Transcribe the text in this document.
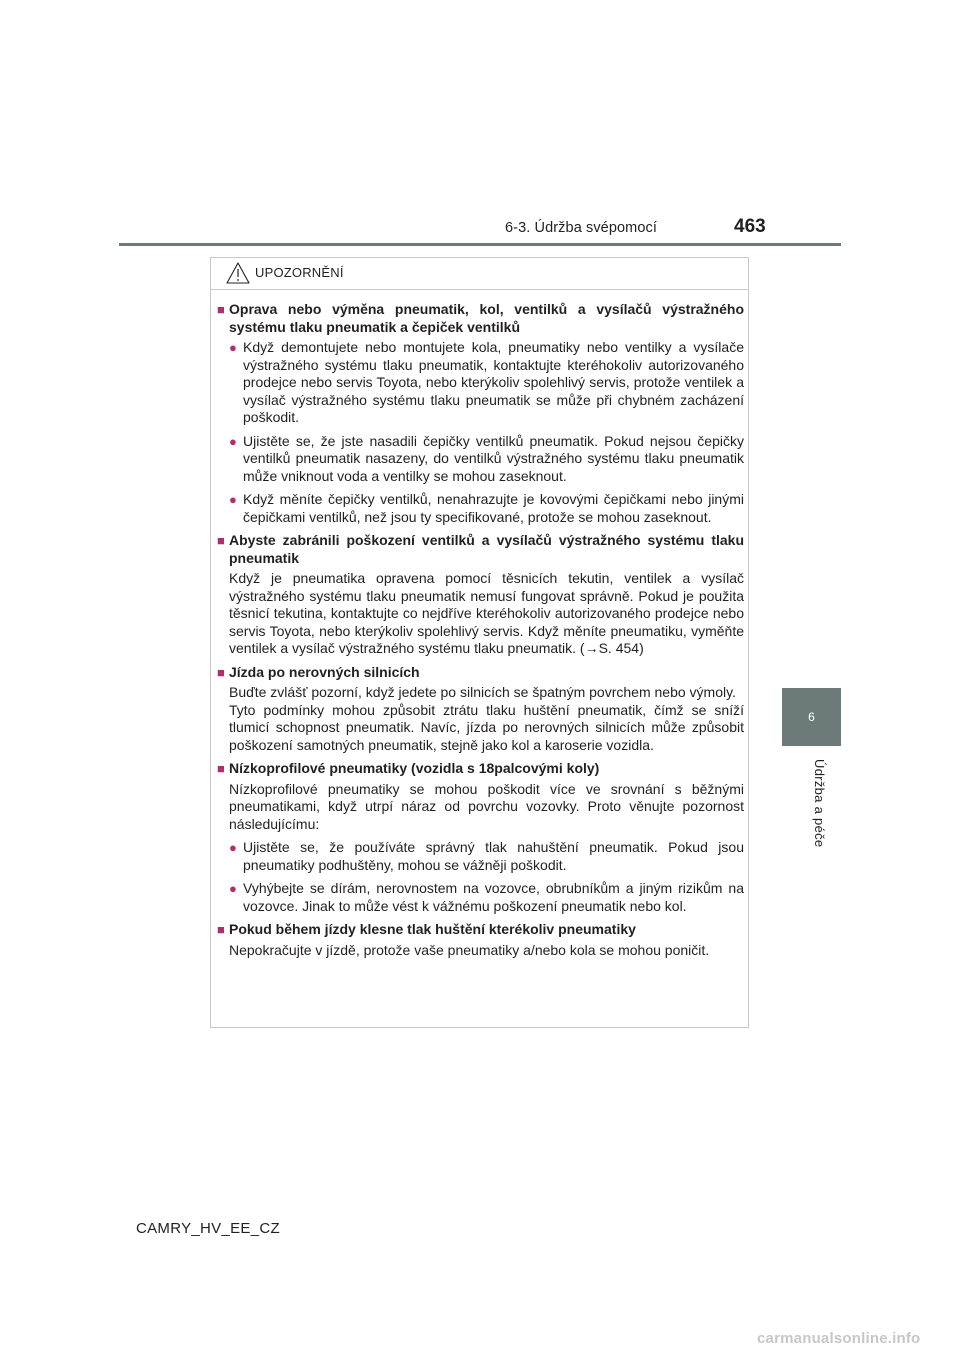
6-3. Údržba svépomocí	463
6
Údržba a péče
UPOZORNĚNÍ
■ Oprava nebo výměna pneumatik, kol, ventilků a vysílačů výstražného systému tlaku pneumatik a čepiček ventilků
● Když demontujete nebo montujete kola, pneumatiky nebo ventilky a vysílače výstražného systému tlaku pneumatik, kontaktujte kteréhokoliv autorizovaného prodejce nebo servis Toyota, nebo kterýkoliv spolehlivý servis, protože ventilek a vysílač výstražného systému tlaku pneumatik se může při chybném zacházení poškodit.
● Ujistěte se, že jste nasadili čepičky ventilků pneumatik. Pokud nejsou čepičky ventilků pneumatik nasazeny, do ventilků výstražného systému tlaku pneumatik může vniknout voda a ventilky se mohou zaseknout.
● Když měníte čepičky ventilků, nenahrazujte je kovovými čepičkami nebo jinými čepičkami ventilků, než jsou ty specifikované, protože se mohou zaseknout.
■ Abyste zabránili poškození ventilků a vysílačů výstražného systému tlaku pneumatik
Když je pneumatika opravena pomocí těsnicích tekutin, ventilek a vysílač výstražného systému tlaku pneumatik nemusí fungovat správně. Pokud je použita těsnicí tekutina, kontaktujte co nejdříve kteréhokoliv autorizovaného prodejce nebo servis Toyota, nebo kterýkoliv spolehlivý servis. Když měníte pneumatiku, vyměňte ventilek a vysílač výstražného systému tlaku pneumatik. (→S. 454)
■ Jízda po nerovných silnicích
Buďte zvlášť pozorní, když jedete po silnicích se špatným povrchem nebo výmoly.
Tyto podmínky mohou způsobit ztrátu tlaku huštění pneumatik, čímž se sníží tlumicí schopnost pneumatik. Navíc, jízda po nerovných silnicích může způsobit poškození samotných pneumatik, stejně jako kol a karoserie vozidla.
■ Nízkoprofilové pneumatiky (vozidla s 18palcovými koly)
Nízkoprofilové pneumatiky se mohou poškodit více ve srovnání s běžnými pneumatikami, když utrpí náraz od povrchu vozovky. Proto věnujte pozornost následujícímu:
● Ujistěte se, že používáte správný tlak nahuštění pneumatik. Pokud jsou pneumatiky podhuštěny, mohou se vážněji poškodit.
● Vyhýbejte se dírám, nerovnostem na vozovce, obrubníkům a jiným rizikům na vozovce. Jinak to může vést k vážnému poškození pneumatik nebo kol.
■ Pokud během jízdy klesne tlak huštění kterékoliv pneumatiky
Nepokračujte v jízdě, protože vaše pneumatiky a/nebo kola se mohou poničit.
CAMRY_HV_EE_CZ
carmanualsonline.info
